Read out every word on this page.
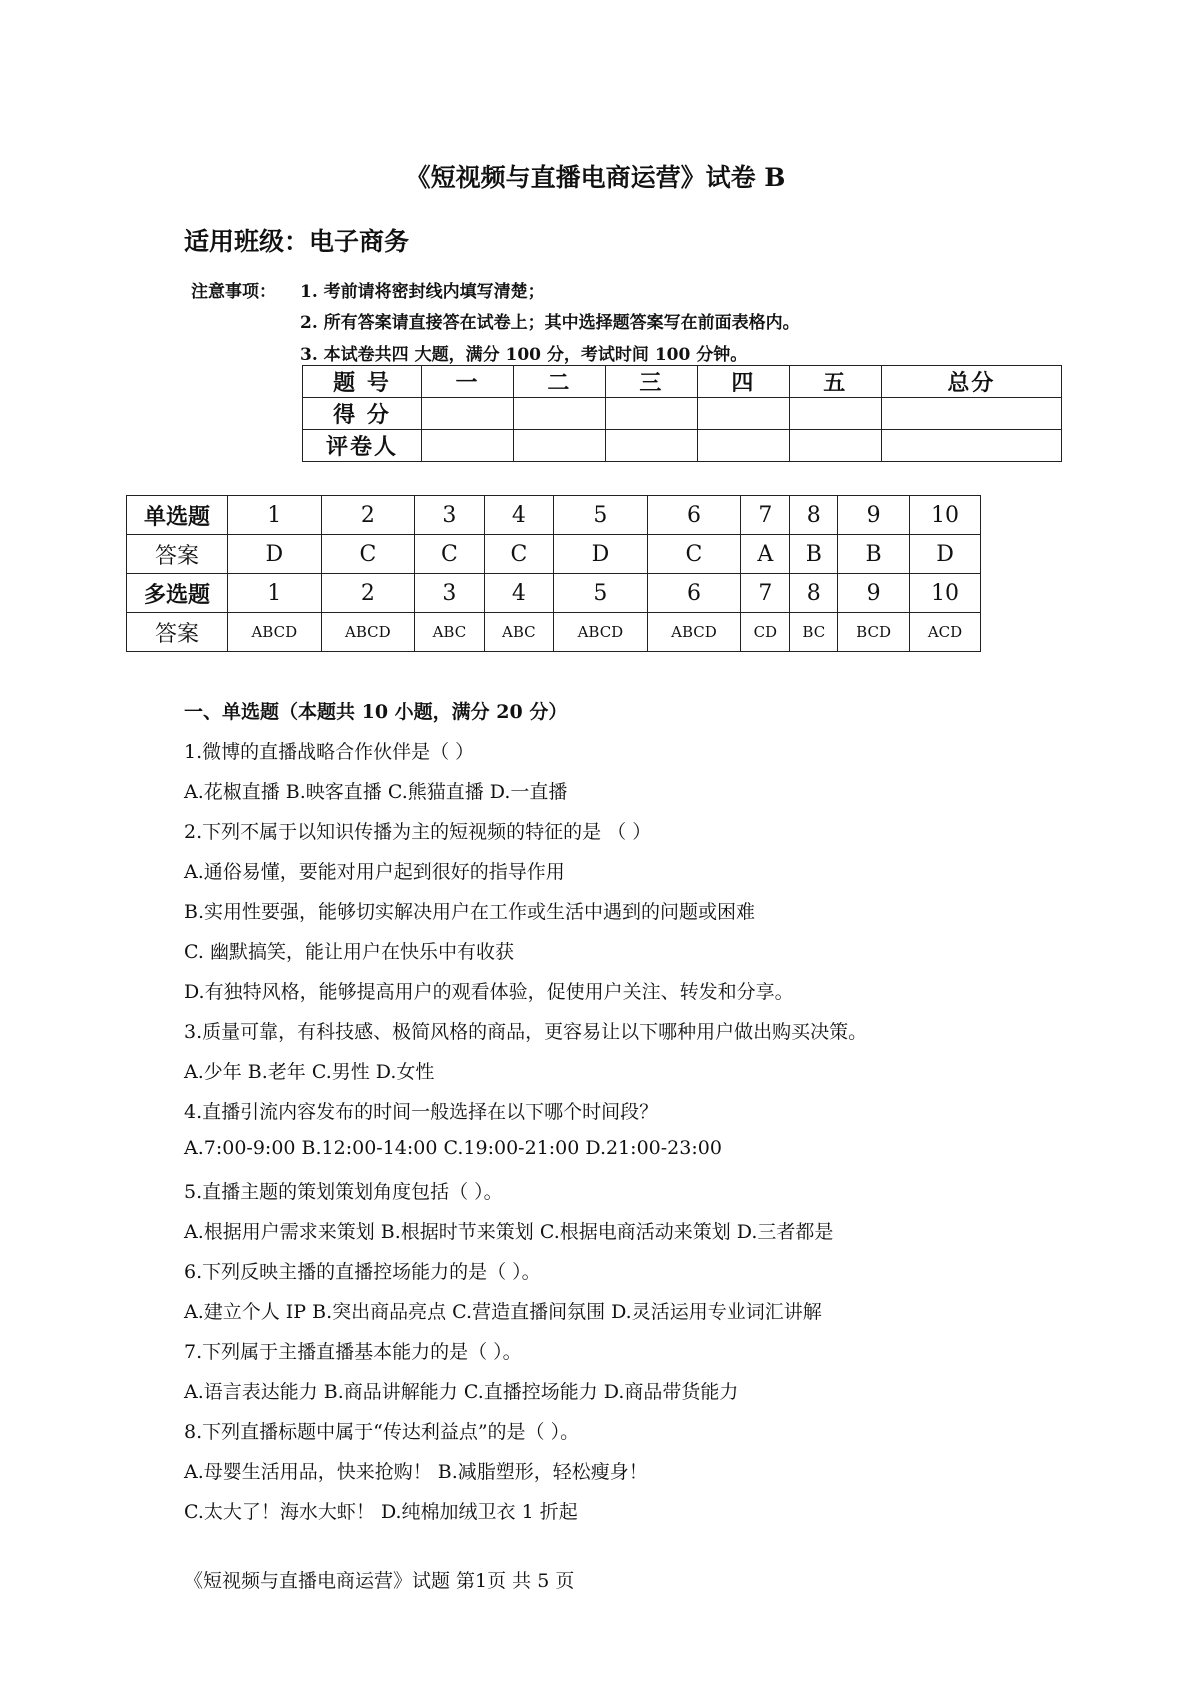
《短视频与直播电商运营》试卷 B
适用班级：电子商务
注意事项： 1. 考前请将密封线内填写清楚；
2. 所有答案请直接答在试卷上；其中选择题答案写在前面表格内。
3. 本试卷共四 大题，满分 100 分，考试时间 100 分钟。
题 号	一	二	三	四	五	总分
得 分						
评卷人						
单选题	1	2	3	4	5	6	7	8	9	10
答案	D	C	C	C	D	C	A	B	B	D
多选题	1	2	3	4	5	6	7	8	9	10
答案	ABCD	ABCD	ABC	ABC	ABCD	ABCD	CD	BC	BCD	ACD
一、单选题（本题共 10 小题，满分 20 分）
1.微博的直播战略合作伙伴是（ ）
A.花椒直播 B.映客直播 C.熊猫直播 D.一直播
2.下列不属于以知识传播为主的短视频的特征的是 （ ）
A.通俗易懂，要能对用户起到很好的指导作用
B.实用性要强，能够切实解决用户在工作或生活中遇到的问题或困难
C. 幽默搞笑，能让用户在快乐中有收获
D.有独特风格，能够提高用户的观看体验，促使用户关注、转发和分享。
3.质量可靠，有科技感、极简风格的商品，更容易让以下哪种用户做出购买决策。
A.少年 B.老年 C.男性 D.女性
4.直播引流内容发布的时间一般选择在以下哪个时间段？
A.7:00-9:00 B.12:00-14:00 C.19:00-21:00 D.21:00-23:00
5.直播主题的策划策划角度包括（ ）。
A.根据用户需求来策划 B.根据时节来策划 C.根据电商活动来策划 D.三者都是
6.下列反映主播的直播控场能力的是（ ）。
A.建立个人 IP B.突出商品亮点 C.营造直播间氛围 D.灵活运用专业词汇讲解
7.下列属于主播直播基本能力的是（ ）。
A.语言表达能力 B.商品讲解能力 C.直播控场能力 D.商品带货能力
8.下列直播标题中属于“传达利益点”的是（ ）。
A.母婴生活用品，快来抢购！ B.减脂塑形，轻松瘦身！
C.太大了！海水大虾！ D.纯棉加绒卫衣 1 折起
《短视频与直播电商运营》试题 第1页 共 5 页
